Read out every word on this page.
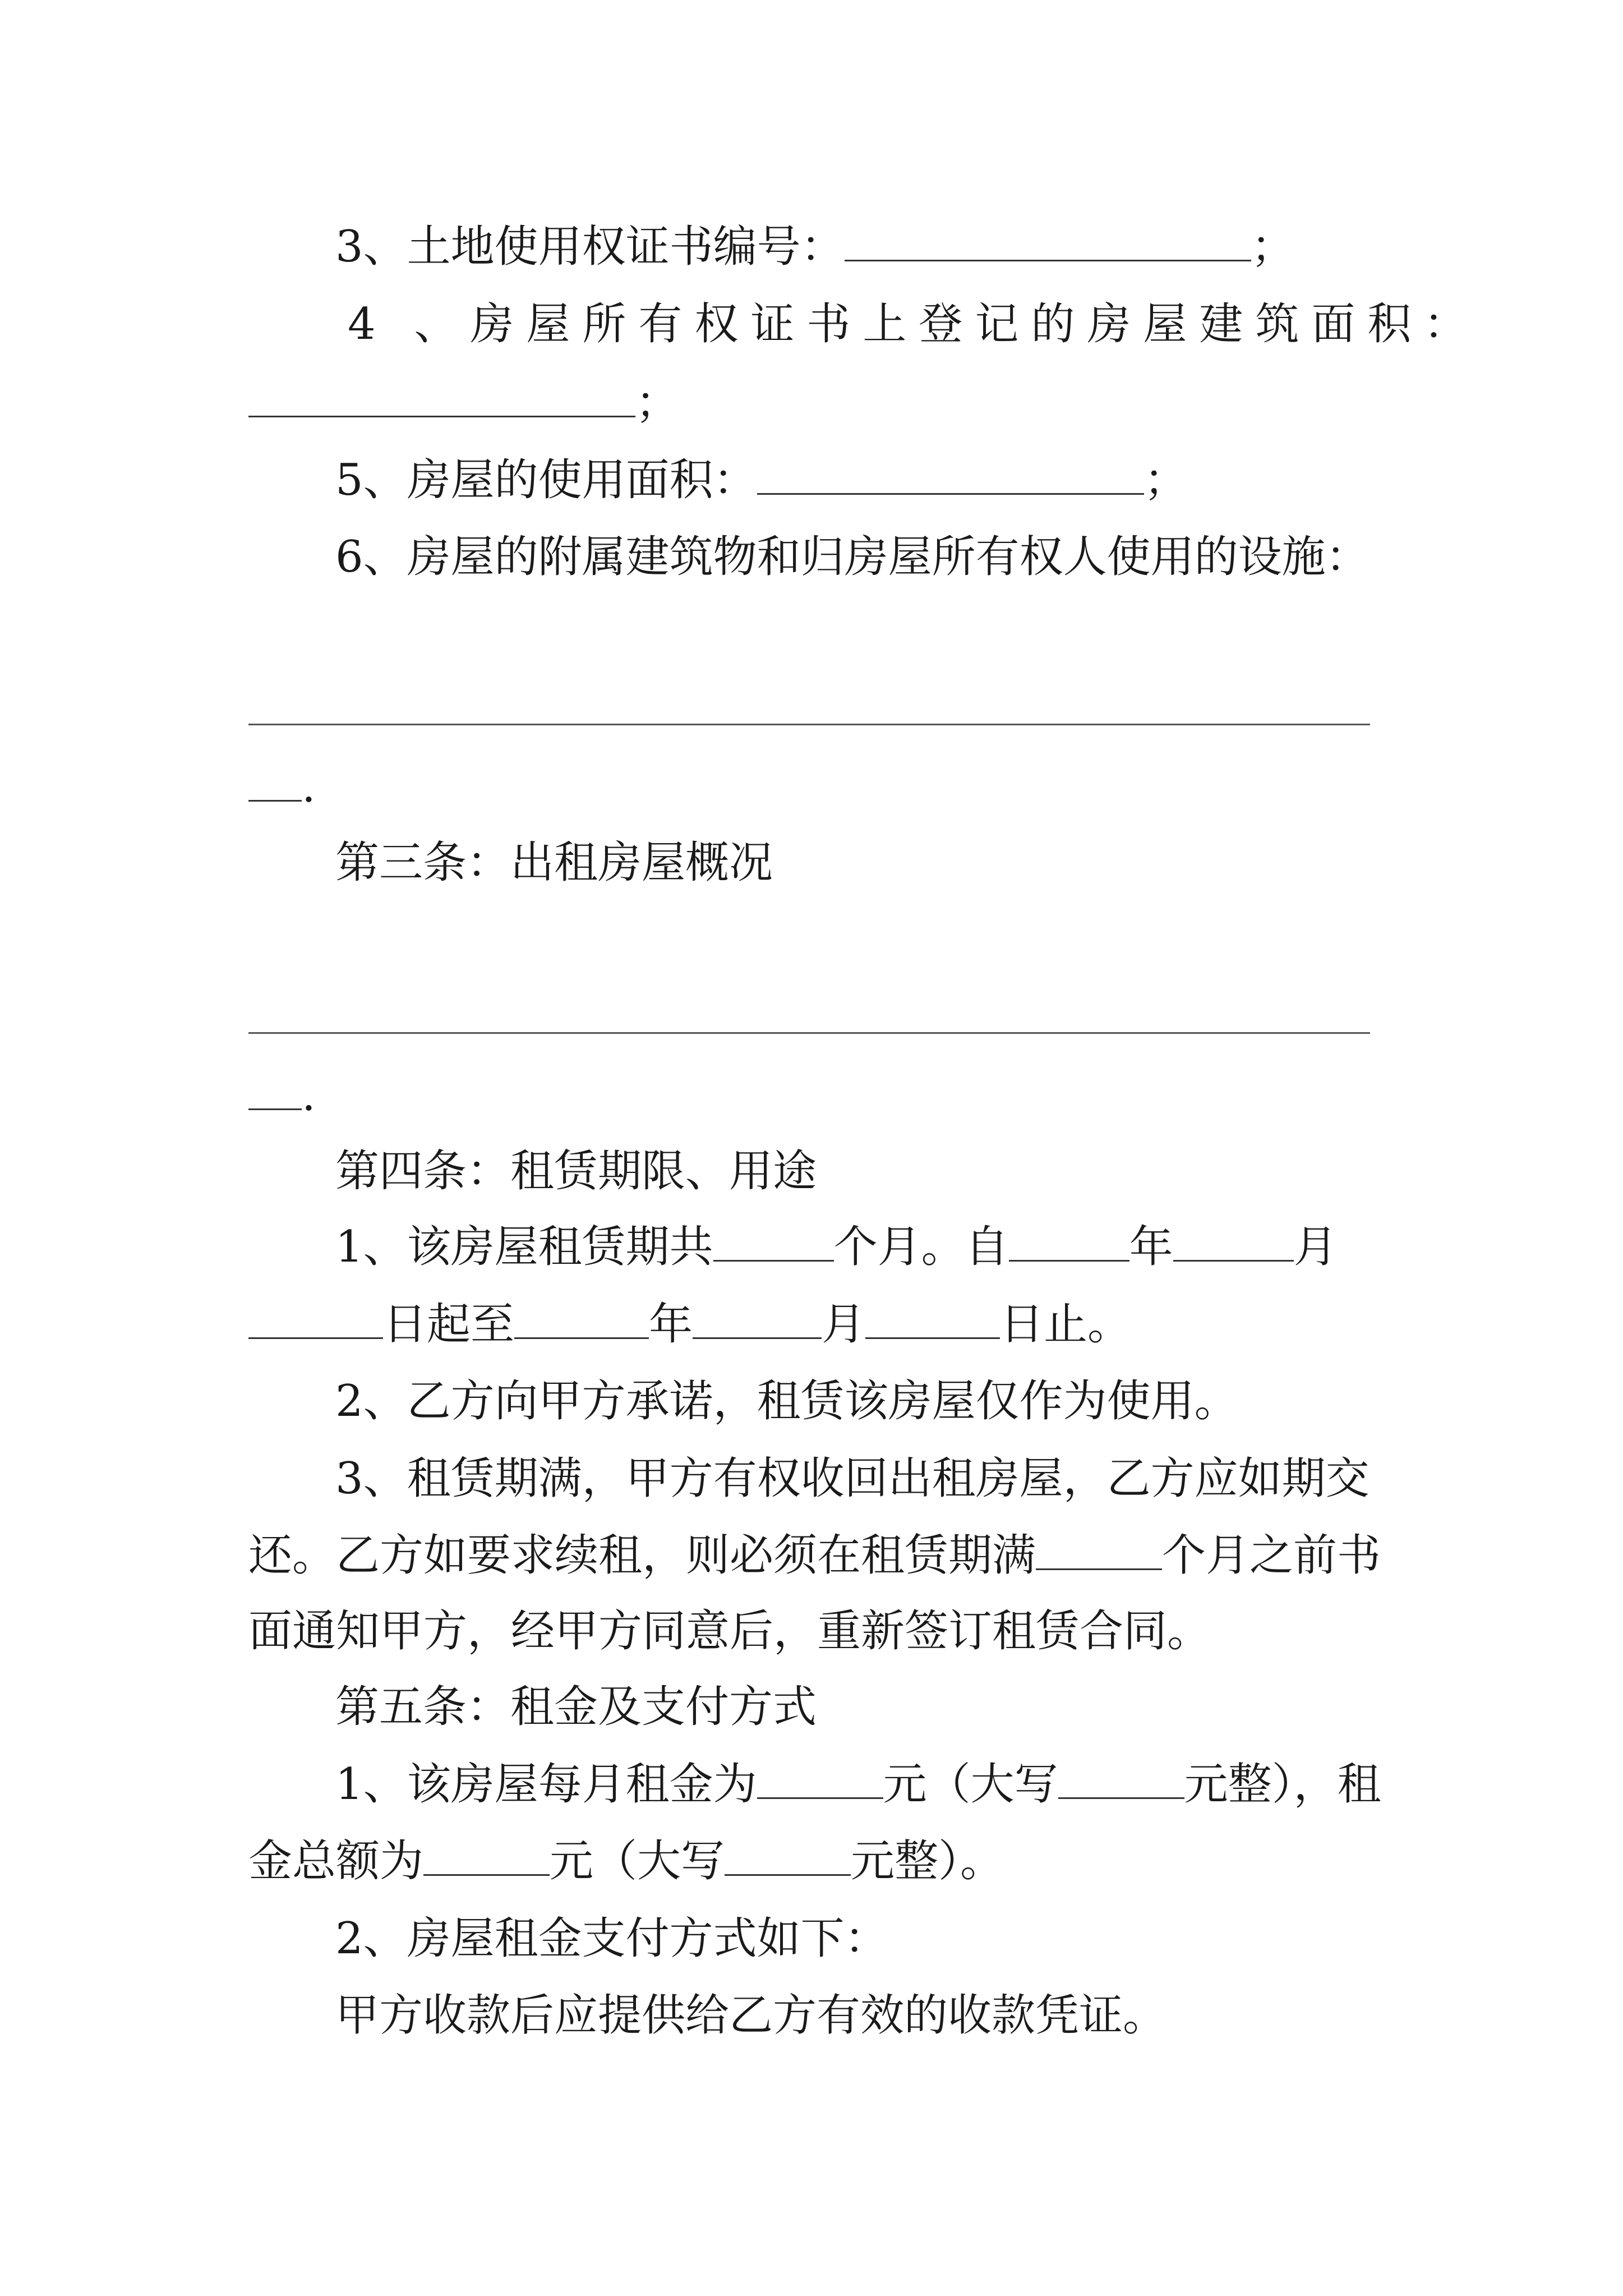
3、土地使用权证书编号：	；
4 、房屋所有权证书上登记的房屋建筑面积：
；
5、房屋的使用面积：	；
6、房屋的附属建筑物和归房屋所有权人使用的设施：
.
第三条：出租房屋概况
.
第四条：租赁期限、用途
1、该房屋租赁期共	个月。自	年	月
日起至	年	月	日止。
2、乙方向甲方承诺，租赁该房屋仅作为使用。
3、租赁期满，甲方有权收回出租房屋，乙方应如期交
还。乙方如要求续租，则必须在租赁期满	个月之前书
面通知甲方，经甲方同意后，重新签订租赁合同。
第五条：租金及支付方式
1、该房屋每月租金为	元（大写	元整），租
金总额为	元（大写	元整）。
2、房屋租金支付方式如下：
甲方收款后应提供给乙方有效的收款凭证。
